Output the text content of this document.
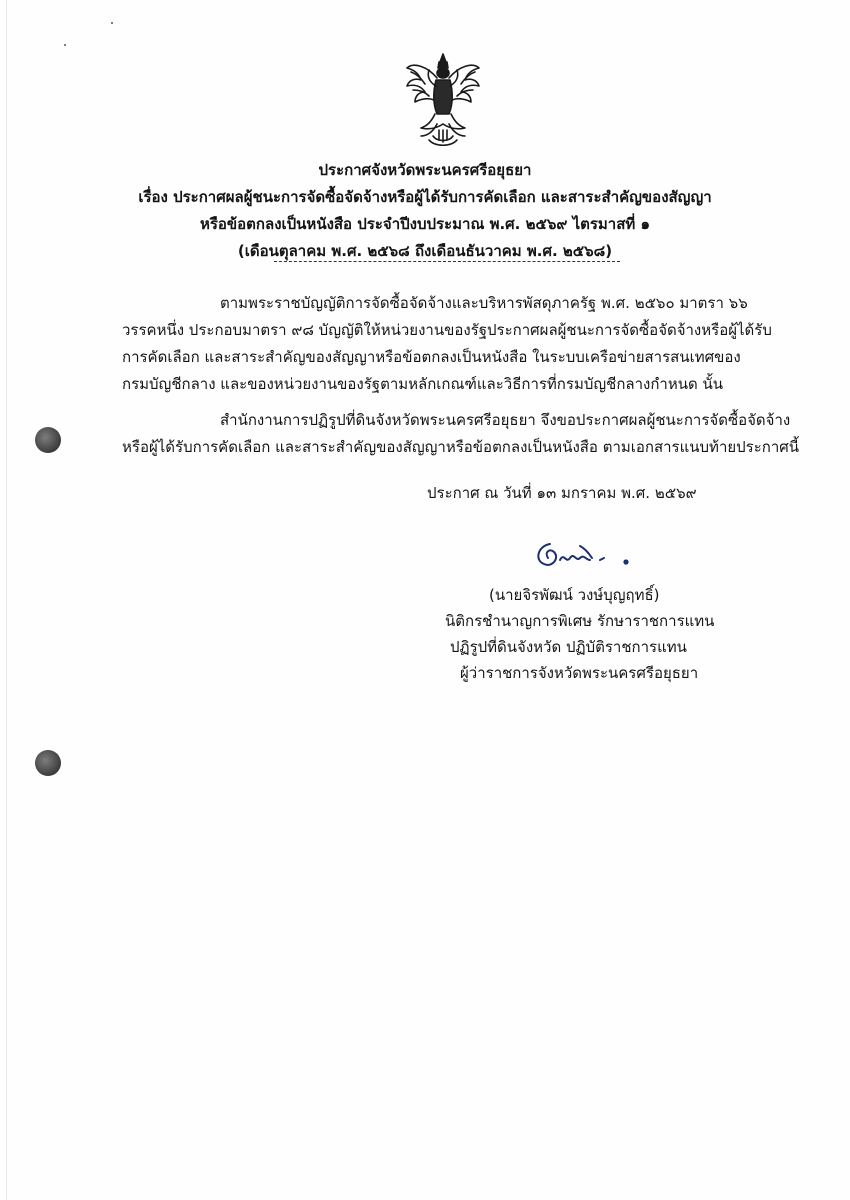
ประกาศจังหวัดพระนครศรีอยุธยา
เรื่อง ประกาศผลผู้ชนะการจัดซื้อจัดจ้างหรือผู้ได้รับการคัดเลือก และสาระสำคัญของสัญญา
หรือข้อตกลงเป็นหนังสือ ประจำปีงบประมาณ พ.ศ. ๒๕๖๙ ไตรมาสที่ ๑
(เดือนตุลาคม พ.ศ. ๒๕๖๘ ถึงเดือนธันวาคม พ.ศ. ๒๕๖๘)
ตามพระราชบัญญัติการจัดซื้อจัดจ้างและบริหารพัสดุภาครัฐ พ.ศ. ๒๕๖๐ มาตรา ๖๖
วรรคหนึ่ง ประกอบมาตรา ๙๘ บัญญัติให้หน่วยงานของรัฐประกาศผลผู้ชนะการจัดซื้อจัดจ้างหรือผู้ได้รับ
การคัดเลือก และสาระสำคัญของสัญญาหรือข้อตกลงเป็นหนังสือ ในระบบเครือข่ายสารสนเทศของ
กรมบัญชีกลาง และของหน่วยงานของรัฐตามหลักเกณฑ์และวิธีการที่กรมบัญชีกลางกำหนด นั้น
สำนักงานการปฏิรูปที่ดินจังหวัดพระนครศรีอยุธยา จึงขอประกาศผลผู้ชนะการจัดซื้อจัดจ้าง
หรือผู้ได้รับการคัดเลือก และสาระสำคัญของสัญญาหรือข้อตกลงเป็นหนังสือ ตามเอกสารแนบท้ายประกาศนี้
ประกาศ ณ วันที่ ๑๓ มกราคม พ.ศ. ๒๕๖๙
(นายจิรพัฒน์ วงษ์บุญฤทธิ์)
นิติกรชำนาญการพิเศษ รักษาราชการแทน
ปฏิรูปที่ดินจังหวัด ปฏิบัติราชการแทน
ผู้ว่าราชการจังหวัดพระนครศรีอยุธยา
